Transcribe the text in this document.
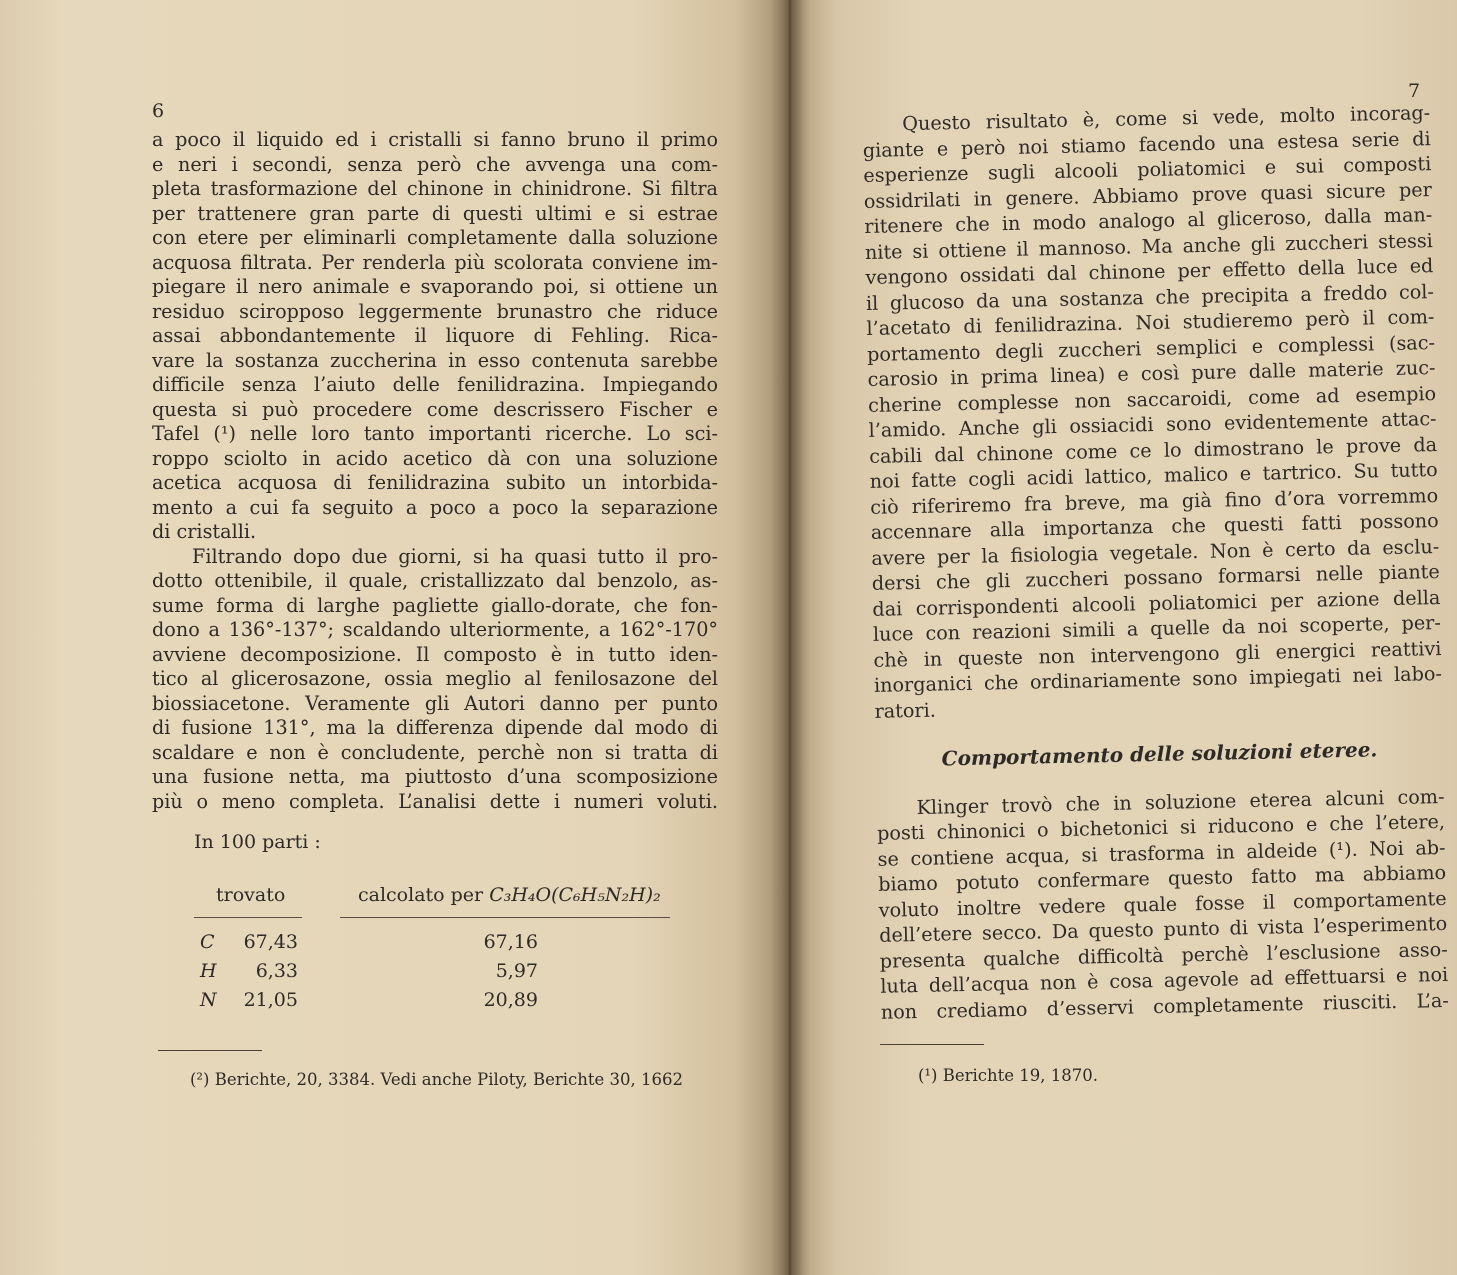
6
a poco il liquido ed i cristalli si fanno bruno il primo
e neri i secondi, senza però che avvenga una com-
pleta trasformazione del chinone in chinidrone. Si filtra
per trattenere gran parte di questi ultimi e si estrae
con etere per eliminarli completamente dalla soluzione
acquosa filtrata. Per renderla più scolorata conviene im-
piegare il nero animale e svaporando poi, si ottiene un
residuo sciropposo leggermente brunastro che riduce
assai abbondantemente il liquore di Fehling. Rica-
vare la sostanza zuccherina in esso contenuta sarebbe
difficile senza l’aiuto delle fenilidrazina. Impiegando
questa si può procedere come descrissero Fischer e
Tafel (¹) nelle loro tanto importanti ricerche. Lo sci-
roppo sciolto in acido acetico dà con una soluzione
acetica acquosa di fenilidrazina subito un intorbida-
mento a cui fa seguito a poco a poco la separazione
di cristalli.
Filtrando dopo due giorni, si ha quasi tutto il pro-
dotto ottenibile, il quale, cristallizzato dal benzolo, as-
sume forma di larghe pagliette giallo-dorate, che fon-
dono a 136°-137°; scaldando ulteriormente, a 162°-170°
avviene decomposizione. Il composto è in tutto iden-
tico al glicerosazone, ossia meglio al fenilosazone del
biossiacetone. Veramente gli Autori danno per punto
di fusione 131°, ma la differenza dipende dal modo di
scaldare e non è concludente, perchè non si tratta di
una fusione netta, ma piuttosto d’una scomposizione
più o meno completa. L’analisi dette i numeri voluti.
In 100 parti :
trovato	calcolato per C₃H₄O(C₆H₅N₂H)₂
C 67,43	67,16
H	6,33	5,97
N 21,05	20,89
(²) Berichte, 20, 3384. Vedi anche Piloty, Berichte 30, 1662
7
Questo risultato è, come si vede, molto incorag-
giante e però noi stiamo facendo una estesa serie di
esperienze sugli alcooli poliatomici e sui composti
ossidrilati in genere. Abbiamo prove quasi sicure per
ritenere che in modo analogo al gliceroso, dalla man-
nite si ottiene il mannoso. Ma anche gli zuccheri stessi
vengono ossidati dal chinone per effetto della luce ed
il glucoso da una sostanza che precipita a freddo col-
l’acetato di fenilidrazina. Noi studieremo però il com-
portamento degli zuccheri semplici e complessi (sac-
carosio in prima linea) e così pure dalle materie zuc-
cherine complesse non saccaroidi, come ad esempio
l’amido. Anche gli ossiacidi sono evidentemente attac-
cabili dal chinone come ce lo dimostrano le prove da
noi fatte cogli acidi lattico, malico e tartrico. Su tutto
ciò riferiremo fra breve, ma già fino d’ora vorremmo
accennare alla importanza che questi fatti possono
avere per la fisiologia vegetale. Non è certo da esclu-
dersi che gli zuccheri possano formarsi nelle piante
dai corrispondenti alcooli poliatomici per azione della
luce con reazioni simili a quelle da noi scoperte, per-
chè in queste non intervengono gli energici reattivi
inorganici che ordinariamente sono impiegati nei labo-
ratori.
Comportamento delle soluzioni eteree.
Klinger trovò che in soluzione eterea alcuni com-
posti chinonici o bichetonici si riducono e che l’etere,
se contiene acqua, si trasforma in aldeide (¹). Noi ab-
biamo potuto confermare questo fatto ma abbiamo
voluto inoltre vedere quale fosse il comportamente
dell’etere secco. Da questo punto di vista l’esperimento
presenta qualche difficoltà perchè l’esclusione asso-
luta dell’acqua non è cosa agevole ad effettuarsi e noi
non crediamo d’esservi completamente riusciti. L’a-
(¹) Berichte 19, 1870.
